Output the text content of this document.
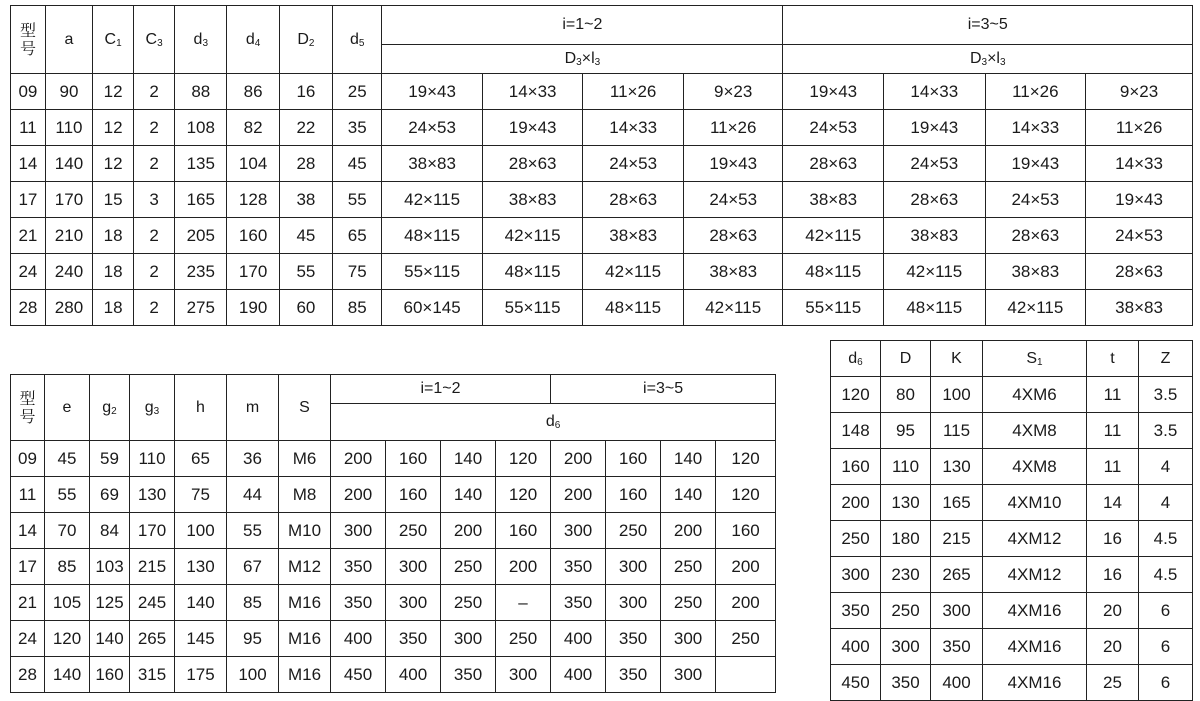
型号	a	$C_1$	$C_3$	$d_3$	$d_4$	$D_2$	$d_5$	i=1~2				i=3~5			
								$D_3\times l_3$				$D_3\times l_3$
09	90	12	2	88	86	16	25	19×43	14×33	11×26	9×23	19×43	14×33	11×26	9×23
11	110	12	2	108	82	22	35	24×53	19×43	14×33	11×26	24×53	19×43	14×33	11×26
14	140	12	2	135	104	28	45	38×83	28×63	24×53	19×43	28×63	24×53	19×43	14×33
17	170	15	3	165	128	38	55	42×115	38×83	28×63	24×53	38×83	28×63	24×53	19×43
21	210	18	2	205	160	45	65	48×115	42×115	38×83	28×63	42×115	38×83	28×63	24×53
24	240	18	2	235	170	55	75	55×115	48×115	42×115	38×83	48×115	42×115	38×83	28×63
28	280	18	2	275	190	60	85	60×145	55×115	48×115	42×115	55×115	48×115	42×115	38×83
型号	e	$g_2$	$g_3$	h	m	S	i=1~2				i=3~5			
							$d_6$
09	45	59	110	65	36	M6	200	160	140	120	200	160	140	120
11	55	69	130	75	44	M8	200	160	140	120	200	160	140	120
14	70	84	170	100	55	M10	300	250	200	160	300	250	200	160
17	85	103	215	130	67	M12	350	300	250	200	350	300	250	200
21	105	125	245	140	85	M16	350	300	250	–	350	300	250	200
24	120	140	265	145	95	M16	400	350	300	250	400	350	300	250
28	140	160	315	175	100	M16	450	400	350	300	400	350	300	
$d_6$	D	K	$S_1$	t	Z
120	80	100	4XM6	11	3.5
148	95	115	4XM8	11	3.5
160	110	130	4XM8	11	4
200	130	165	4XM10	14	4
250	180	215	4XM12	16	4.5
300	230	265	4XM12	16	4.5
350	250	300	4XM16	20	6
400	300	350	4XM16	20	6
450	350	400	4XM16	25	6
